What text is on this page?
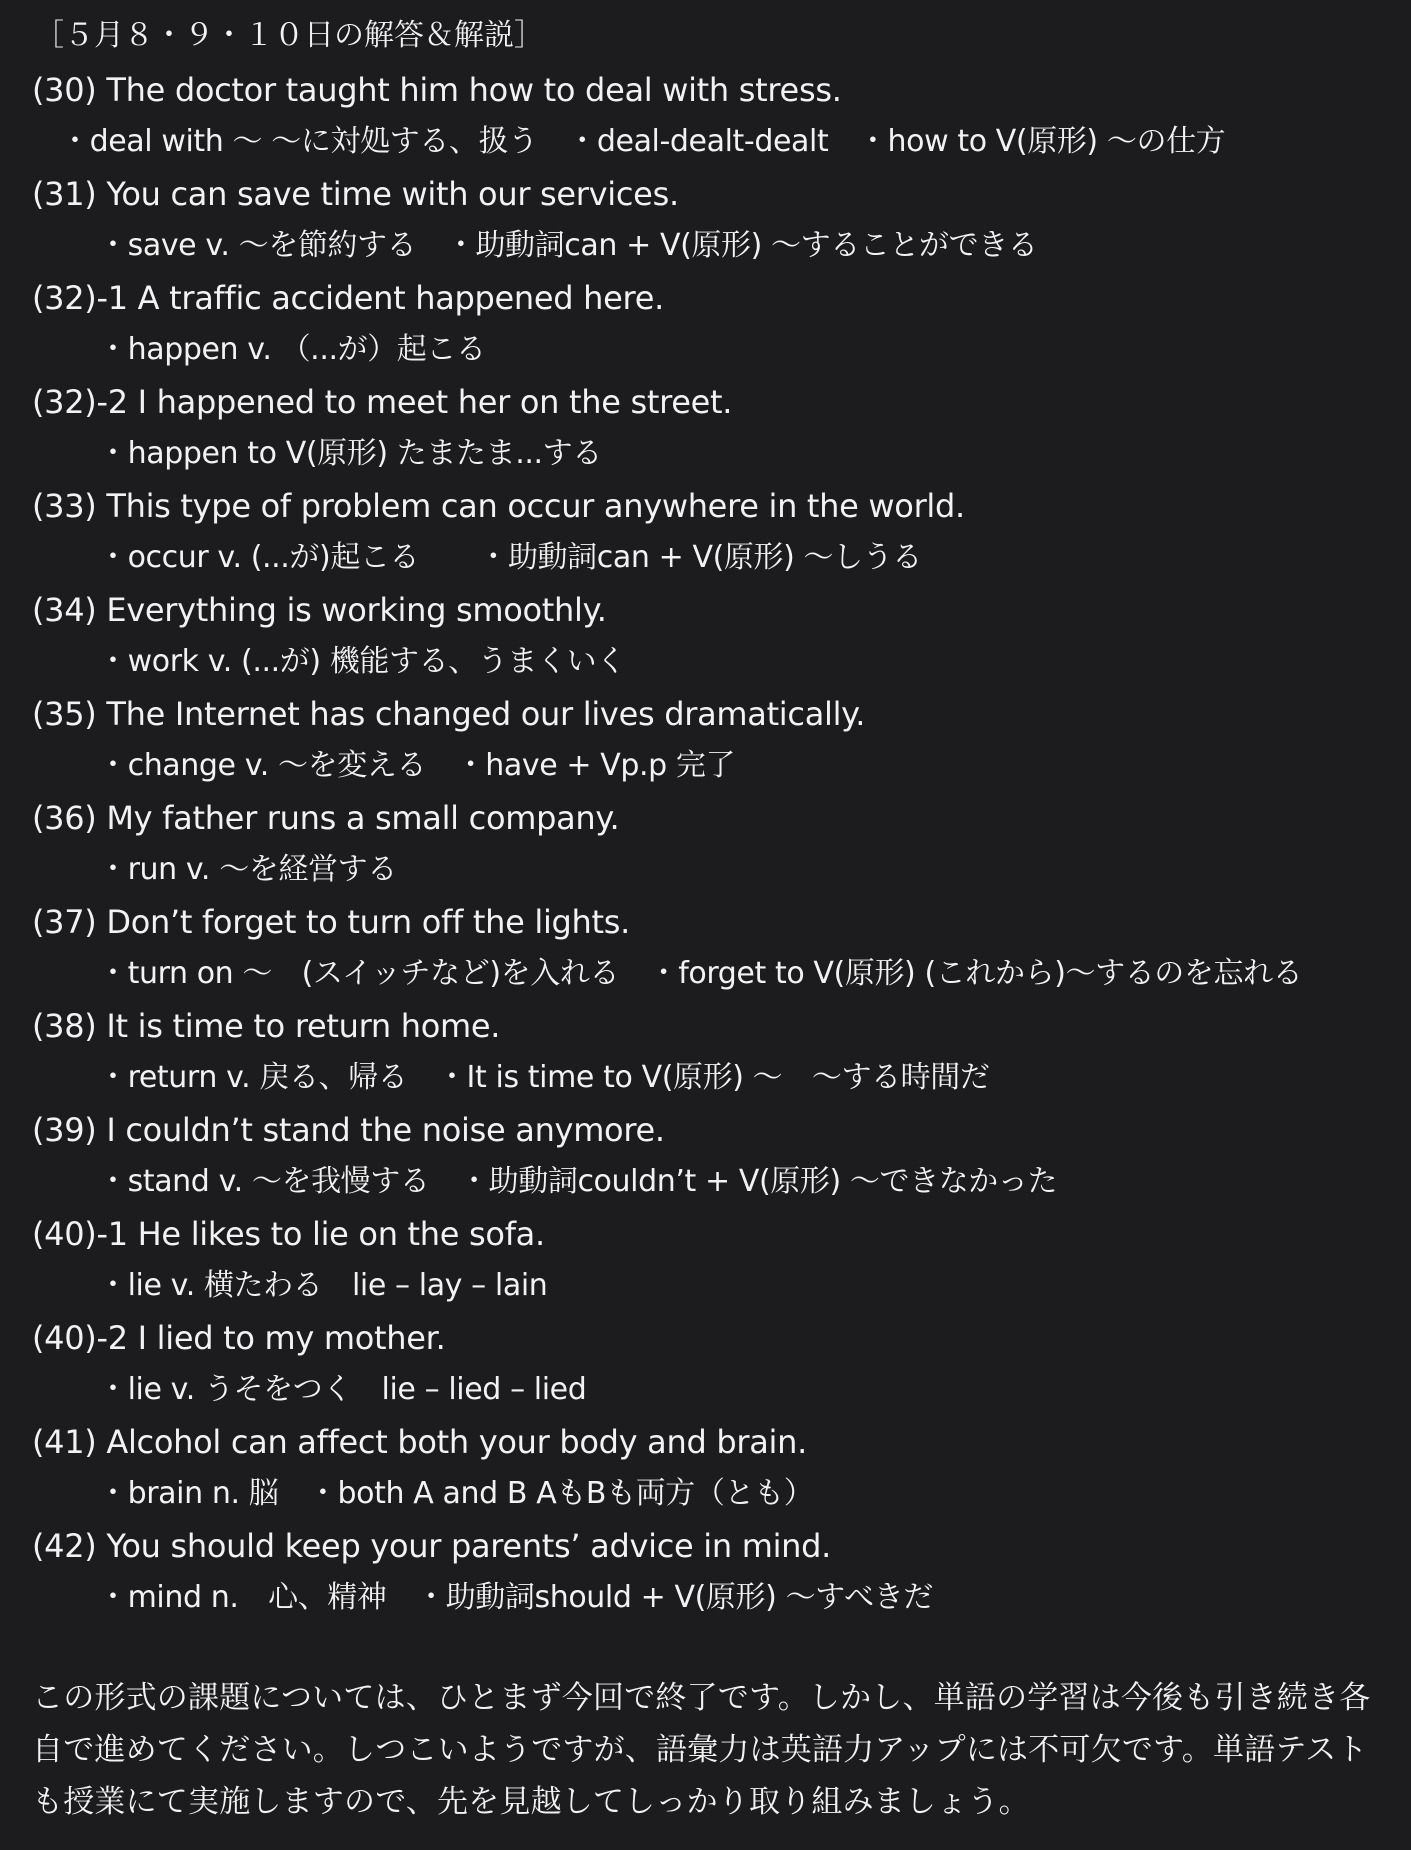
［５月８・９・１０日の解答＆解説］
(30) The doctor taught him how to deal with stress.
・deal with 〜 〜に対処する、扱う　・deal-dealt-dealt　・how to V(原形) 〜の仕方
(31) You can save time with our services.
・save v. 〜を節約する　・助動詞can + V(原形) 〜することができる
(32)-1 A traffic accident happened here.
・happen v. （...が）起こる
(32)-2 I happened to meet her on the street.
・happen to V(原形) たまたま...する
(33) This type of problem can occur anywhere in the world.
・occur v. (...が)起こる　　・助動詞can + V(原形) 〜しうる
(34) Everything is working smoothly.
・work v. (...が) 機能する、うまくいく
(35) The Internet has changed our lives dramatically.
・change v. 〜を変える　・have + Vp.p 完了
(36) My father runs a small company.
・run v. 〜を経営する
(37) Don’t forget to turn off the lights.
・turn on 〜　(スイッチなど)を入れる　・forget to V(原形) (これから)〜するのを忘れる
(38) It is time to return home.
・return v. 戻る、帰る　・It is time to V(原形) 〜　〜する時間だ
(39) I couldn’t stand the noise anymore.
・stand v. 〜を我慢する　・助動詞couldn’t + V(原形) 〜できなかった
(40)-1 He likes to lie on the sofa.
・lie v. 横たわる　lie – lay – lain
(40)-2 I lied to my mother.
・lie v. うそをつく　lie – lied – lied
(41) Alcohol can affect both your body and brain.
・brain n. 脳　・both A and B AもBも両方（とも）
(42) You should keep your parents’ advice in mind.
・mind n.　心、精神　・助動詞should + V(原形) 〜すべきだ
この形式の課題については、ひとまず今回で終了です。しかし、単語の学習は今後も引き続き各
自で進めてください。しつこいようですが、語彙力は英語力アップには不可欠です。単語テスト
も授業にて実施しますので、先を見越してしっかり取り組みましょう。
